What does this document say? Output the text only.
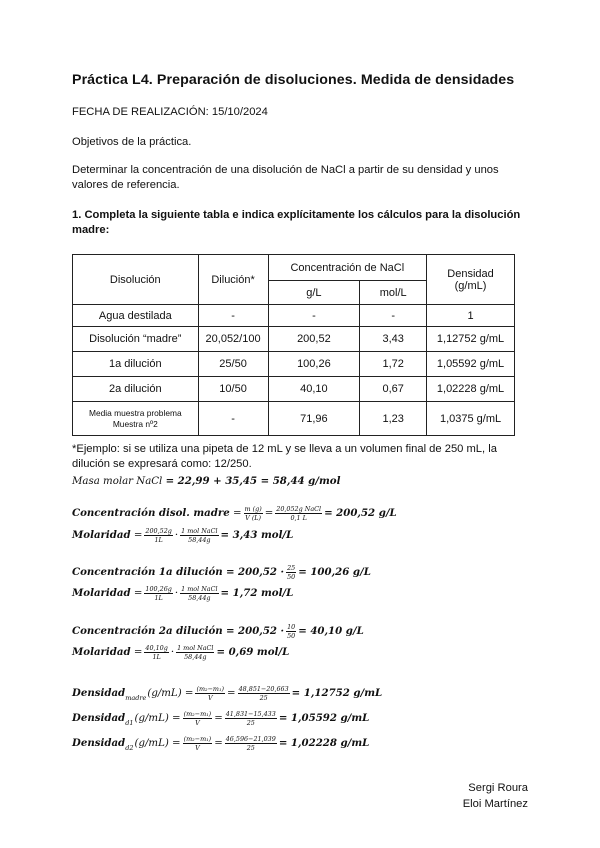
Práctica L4. Preparación de disoluciones. Medida de densidades
FECHA DE REALIZACIÓN: 15/10/2024
Objetivos de la práctica.
Determinar la concentración de una disolución de NaCl a partir de su densidad y unos valores de referencia.
1. Completa la siguiente tabla e indica explícitamente los cálculos para la disolución madre:
Disolución	Dilución*	Concentración de NaCl		Densidad (g/mL)
		g/L	mol/L	
Agua destilada	-	-	-	1
Disolución “madre”	20,052/100	200,52	3,43	1,12752 g/mL
1a dilución	25/50	100,26	1,72	1,05592 g/mL
2a dilución	10/50	40,10	0,67	1,02228 g/mL

Media muestra problema
Muestra nº2	-	71,96	1,23	1,0375 g/mL
*Ejemplo: si se utiliza una pipeta de 12 mL y se lleva a un volumen final de 250 mL, la dilución se expresará como: 12/250.
Masa molar NaCl
= 22,99 + 35,45 = 58,44 g/mol
Concentración disol. madre = $\frac{m (g)}{V (L)} = \frac{\text{20,052g NaCl}}{0,1 L} = 200,52$ g/L
Molaridad = $\frac{200,52g}{1L} \cdot \frac{\text{1 mol NaCl}}{58,44g} = 3,43$ mol/L
Concentración 1a dilución
= $200,52 \cdot \frac{25}{50} = 100,26$ g/L
Molaridad = $\frac{100,26g}{1L} \cdot \frac{\text{1 mol NaCl}}{58,44g} = 1,72$ mol/L
Concentración 2a dilución
= $200,52 \cdot \frac{10}{50} = 40,10$ g/L
Molaridad = $\frac{40,10g}{1L} \cdot \frac{\text{1 mol NaCl}}{58,44g} = 0,69$ mol/L
Densidad madre $(g/mL) = \frac{\text{(m₂−m₁)}}{V} = \frac{48,851-20,663}{25} = 1,12752$ g/mL
Densidad d1 $(g/mL) = \frac{\text{(m₂−m₁)}}{V} = \frac{41,831-15,433}{25} = 1,05592$ g/mL
Densidad d2 $(g/mL) = \frac{\text{(m₂−m₁)}}{V} = \frac{46,596-21,039}{25} = 1,02228$ g/mL
Sergi Roura
Eloi Martínez
